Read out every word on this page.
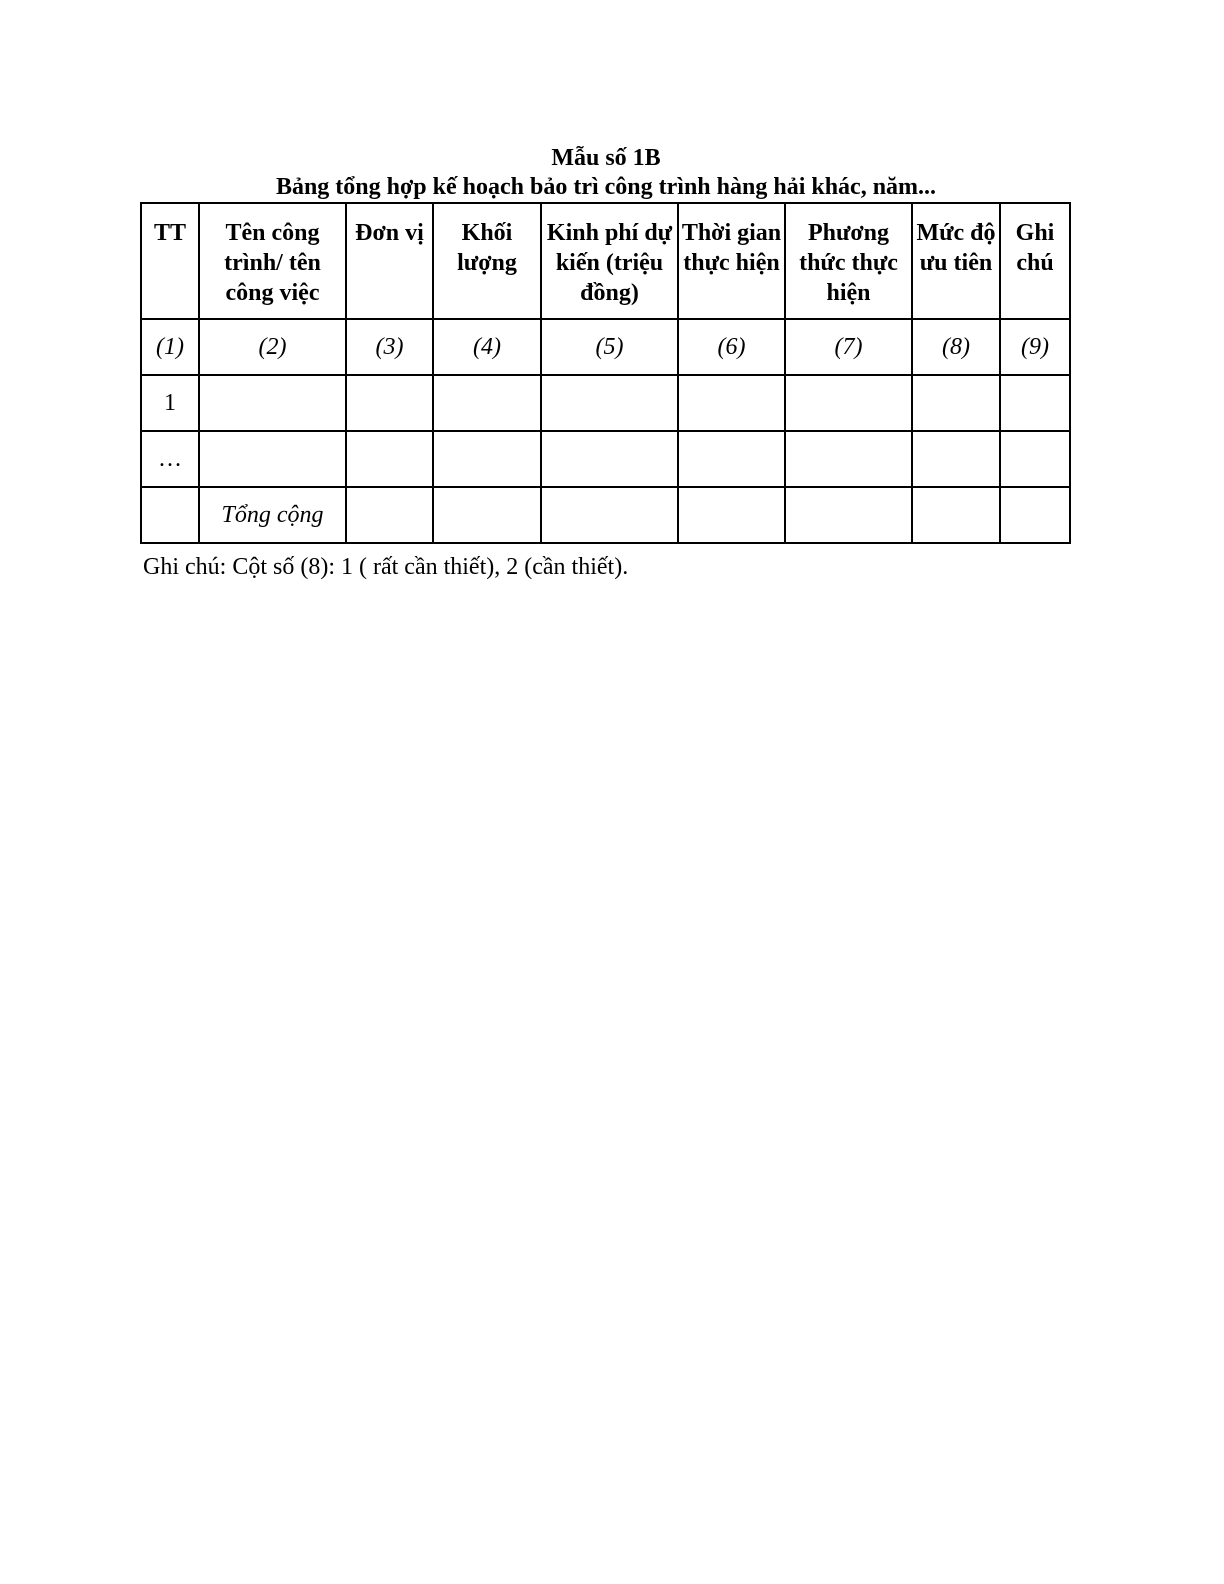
Mẫu số 1B
Bảng tổng hợp kế hoạch bảo trì công trình hàng hải khác, năm...
TT	Tên công trình/ tên công việc	Đơn vị	Khối lượng	Kinh phí dự kiến (triệu đồng)	Thời gian thực hiện	Phương thức thực hiện	Mức độ ưu tiên	Ghi chú
(1)	(2)	(3)	(4)	(5)	(6)	(7)	(8)	(9)
1								
…								
	Tổng cộng							
Ghi chú: Cột số (8): 1 ( rất cần thiết), 2 (cần thiết).
